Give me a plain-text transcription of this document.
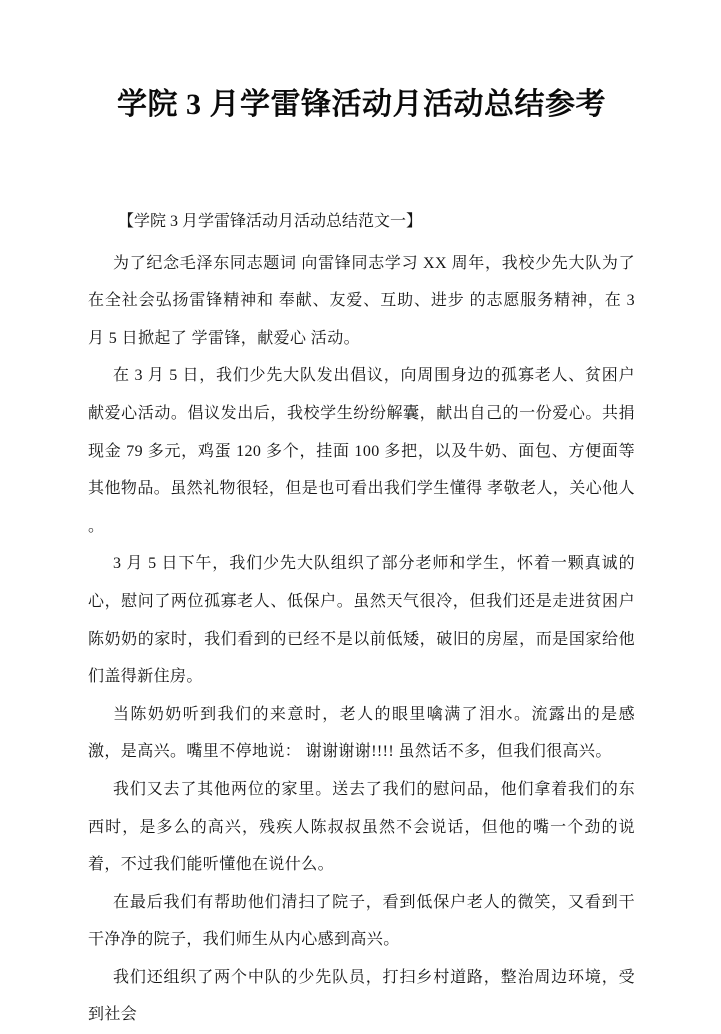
学院 3 月学雷锋活动月活动总结参考
【学院 3 月学雷锋活动月活动总结范文一】
为了纪念毛泽东同志题词 向雷锋同志学习 XX 周年，我校少先大队为了在全社会弘扬雷锋精神和 奉献、友爱、互助、进步 的志愿服务精神，在 3 月 5 日掀起了 学雷锋，献爱心 活动。
在 3 月 5 日，我们少先大队发出倡议，向周围身边的孤寡老人、贫困户献爱心活动。倡议发出后，我校学生纷纷解囊，献出自己的一份爱心。共捐现金 79 多元，鸡蛋 120 多个，挂面 100 多把，以及牛奶、面包、方便面等其他物品。虽然礼物很轻，但是也可看出我们学生懂得 孝敬老人，关心他人 。
3 月 5 日下午，我们少先大队组织了部分老师和学生，怀着一颗真诚的心，慰问了两位孤寡老人、低保户。虽然天气很冷，但我们还是走进贫困户陈奶奶的家时，我们看到的已经不是以前低矮，破旧的房屋，而是国家给他们盖得新住房。
当陈奶奶听到我们的来意时，老人的眼里噙满了泪水。流露出的是感激，是高兴。嘴里不停地说： 谢谢谢谢!!!! 虽然话不多，但我们很高兴。
我们又去了其他两位的家里。送去了我们的慰问品，他们拿着我们的东西时，是多么的高兴，残疾人陈叔叔虽然不会说话，但他的嘴一个劲的说着，不过我们能听懂他在说什么。
在最后我们有帮助他们清扫了院子，看到低保户老人的微笑，又看到干干净净的院子，我们师生从内心感到高兴。
我们还组织了两个中队的少先队员，打扫乡村道路，整治周边环境，受到社会
